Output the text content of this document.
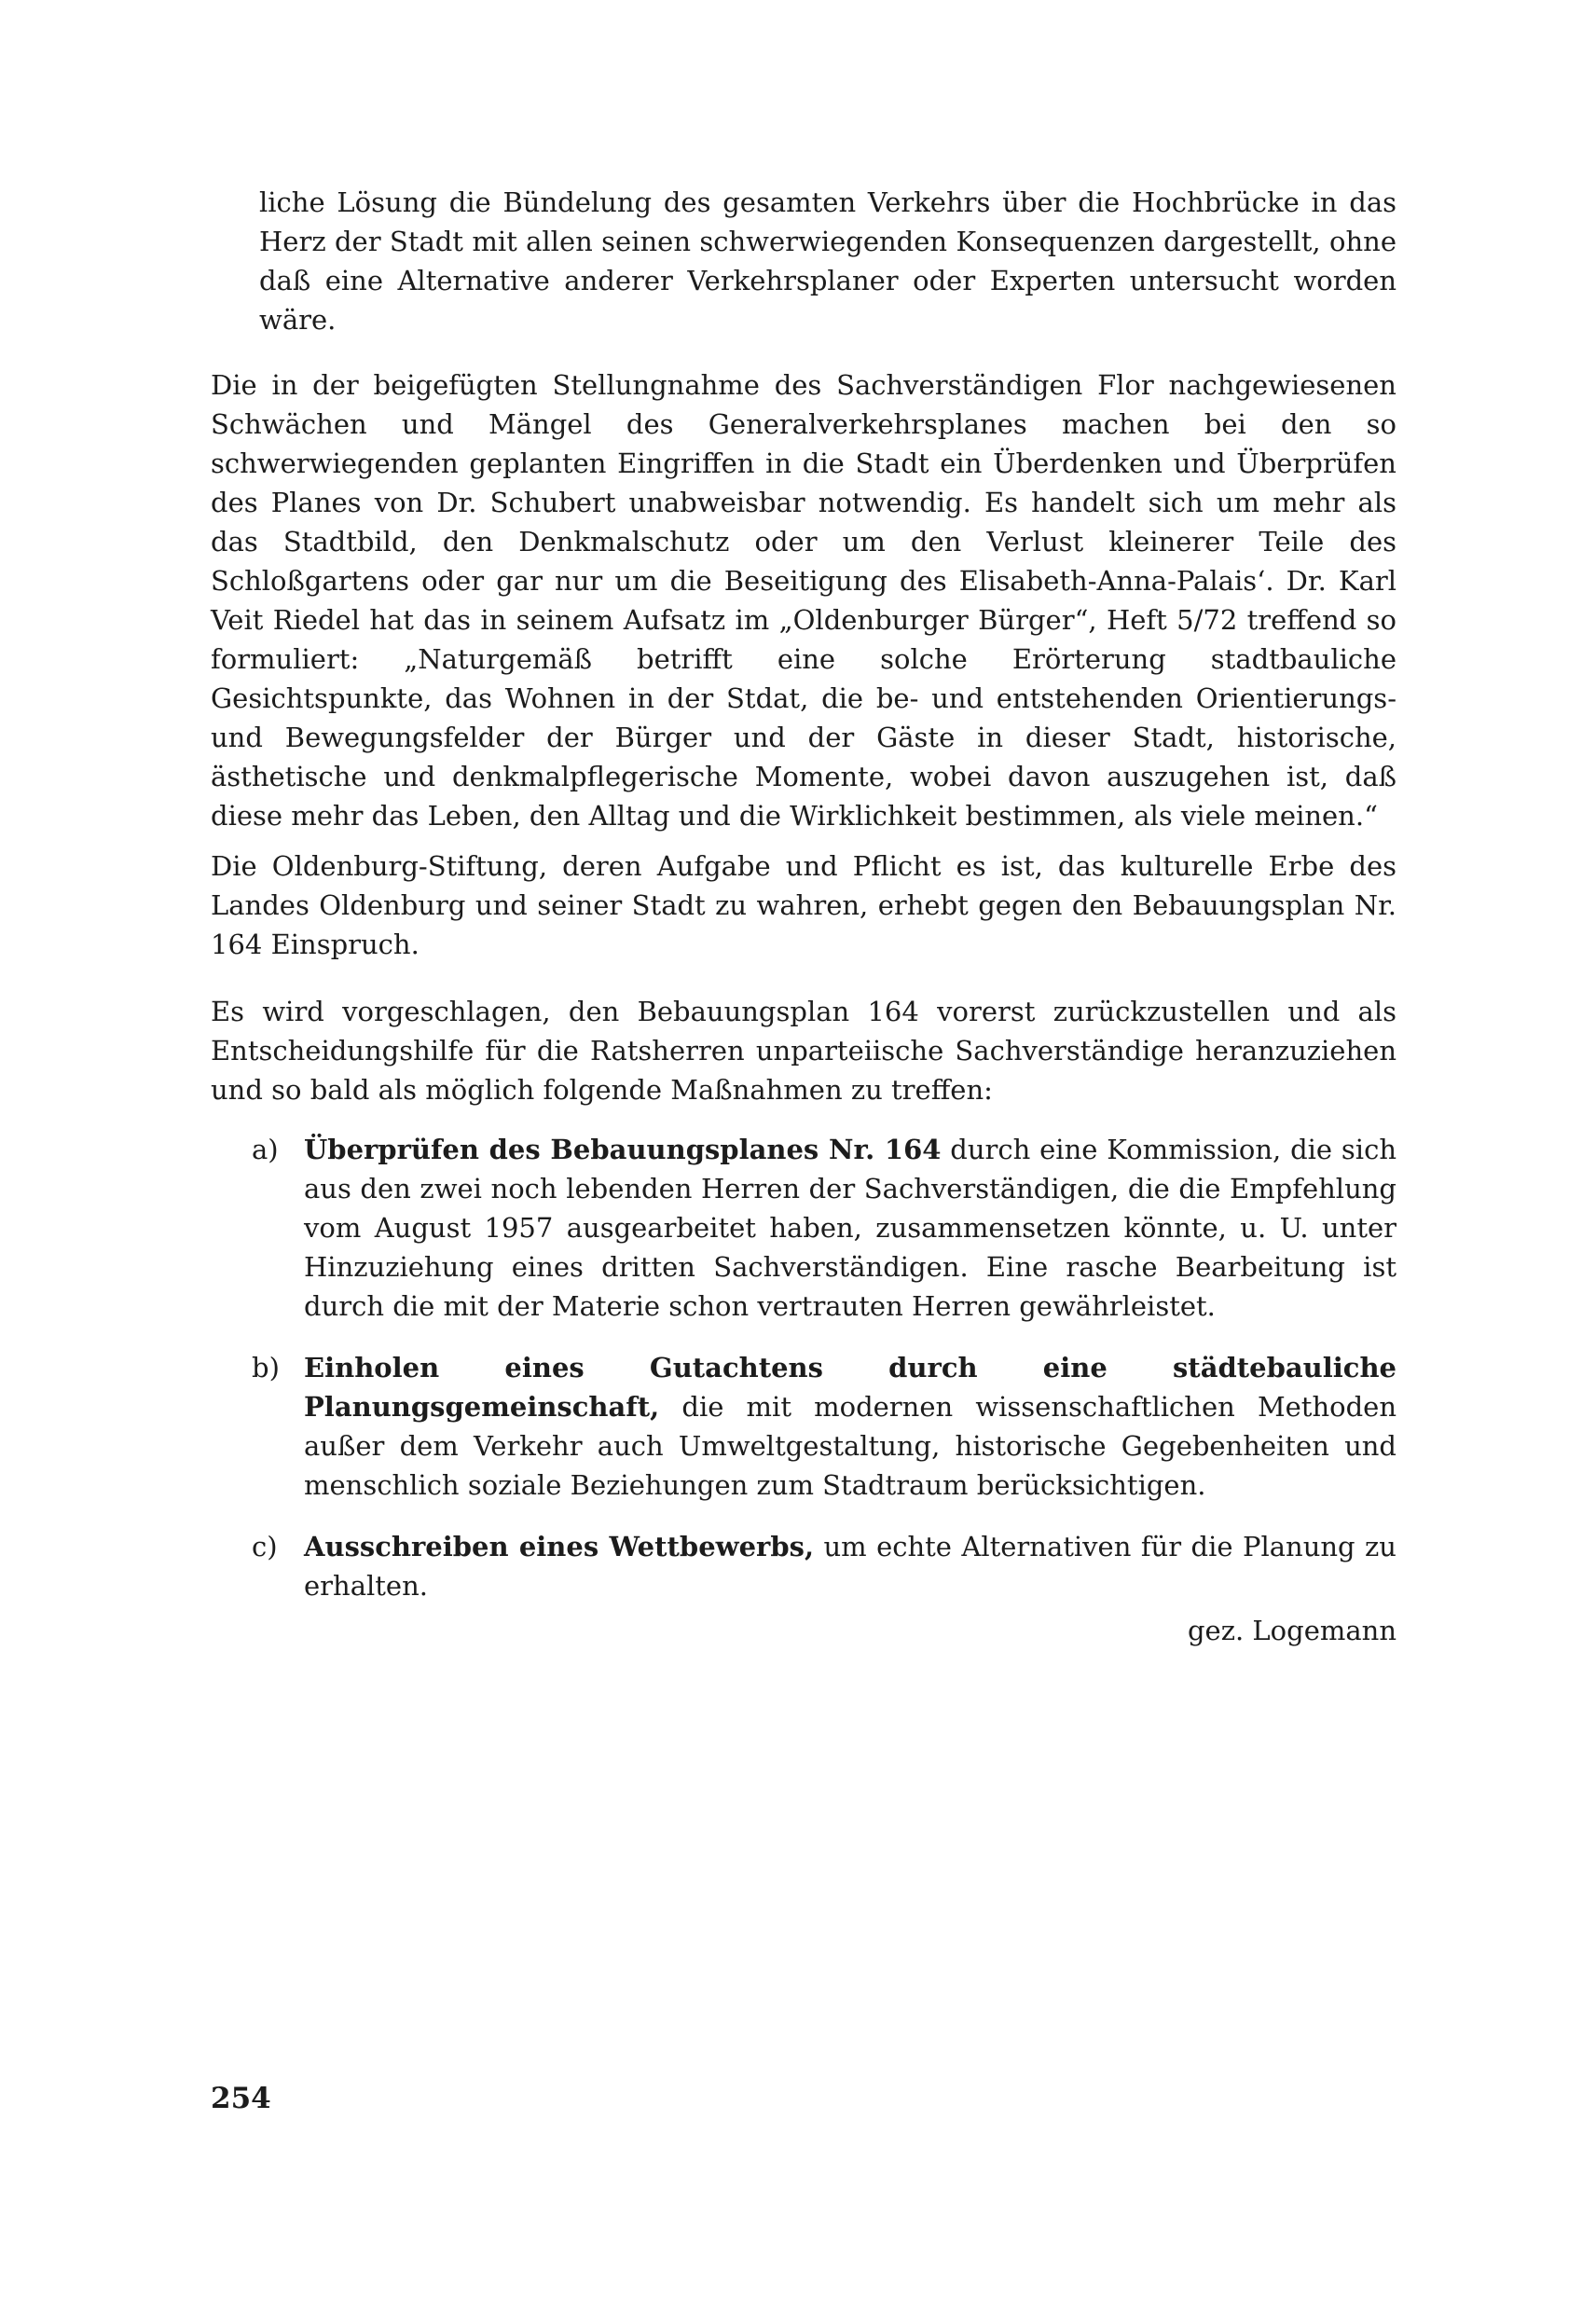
liche Lösung die Bündelung des gesamten Verkehrs über die Hochbrücke in das Herz der Stadt mit allen seinen schwerwiegenden Konsequenzen dargestellt, ohne daß eine Alternative anderer Verkehrsplaner oder Experten untersucht worden wäre.

Die in der beigefügten Stellungnahme des Sachverständigen Flor nachgewiesenen Schwächen und Mängel des Generalverkehrsplanes machen bei den so schwerwiegenden geplanten Eingriffen in die Stadt ein Überdenken und Überprüfen des Planes von Dr. Schubert unabweisbar notwendig. Es handelt sich um mehr als das Stadtbild, den Denkmalschutz oder um den Verlust kleinerer Teile des Schloßgartens oder gar nur um die Beseitigung des Elisabeth-Anna-Palais‘. Dr. Karl Veit Riedel hat das in seinem Aufsatz im „Oldenburger Bürger“, Heft 5/72 treffend so formuliert: „Naturgemäß betrifft eine solche Erörterung stadtbauliche Gesichtspunkte, das Wohnen in der Stdat, die be- und entstehenden Orientierungs- und Bewegungsfelder der Bürger und der Gäste in dieser Stadt, historische, ästhetische und denkmalpflegerische Momente, wobei davon auszugehen ist, daß diese mehr das Leben, den Alltag und die Wirklichkeit bestimmen, als viele meinen.“

Die Oldenburg-Stiftung, deren Aufgabe und Pflicht es ist, das kulturelle Erbe des Landes Oldenburg und seiner Stadt zu wahren, erhebt gegen den Bebauungsplan Nr. 164 Einspruch.

Es wird vorgeschlagen, den Bebauungsplan 164 vorerst zurückzustellen und als Entscheidungshilfe für die Ratsherren unparteiische Sachverständige heranzuziehen und so bald als möglich folgende Maßnahmen zu treffen:

a) Überprüfen des Bebauungsplanes Nr. 164 durch eine Kommission, die sich aus den zwei noch lebenden Herren der Sachverständigen, die die Empfehlung vom August 1957 ausgearbeitet haben, zusammensetzen könnte, u. U. unter Hinzuziehung eines dritten Sachverständigen. Eine rasche Bearbeitung ist durch die mit der Materie schon vertrauten Herren gewährleistet.

b) Einholen eines Gutachtens durch eine städtebauliche Planungsgemeinschaft, die mit modernen wissenschaftlichen Methoden außer dem Verkehr auch Umweltgestaltung, historische Gegebenheiten und menschlich soziale Beziehungen zum Stadtraum berücksichtigen.

c) Ausschreiben eines Wettbewerbs, um echte Alternativen für die Planung zu erhalten.

gez. Logemann
254
